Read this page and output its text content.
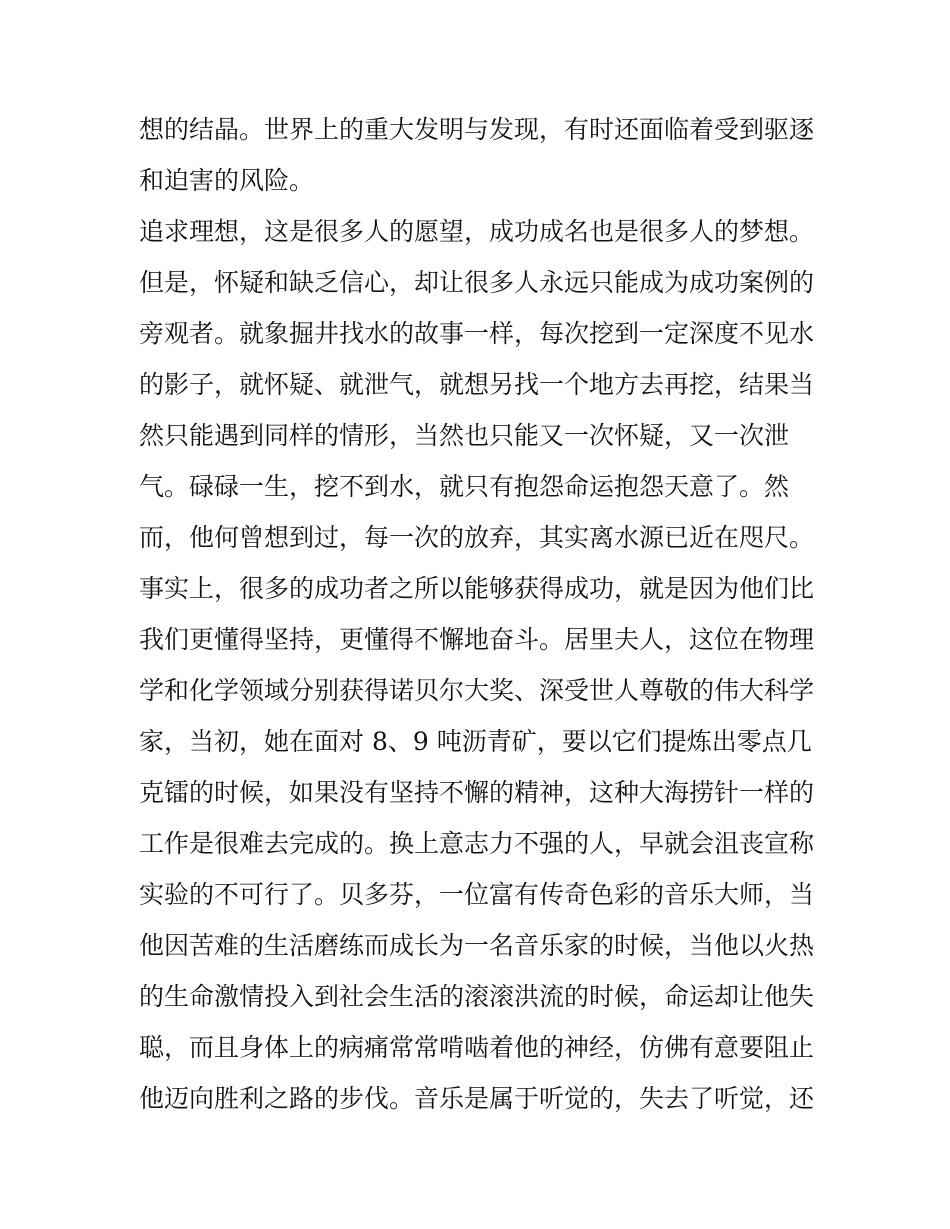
想的结晶。世界上的重大发明与发现，有时还面临着受到驱逐
和迫害的风险。
追求理想，这是很多人的愿望，成功成名也是很多人的梦想。
但是，怀疑和缺乏信心，却让很多人永远只能成为成功案例的
旁观者。就象掘井找水的故事一样，每次挖到一定深度不见水
的影子，就怀疑、就泄气，就想另找一个地方去再挖，结果当
然只能遇到同样的情形，当然也只能又一次怀疑，又一次泄
气。碌碌一生，挖不到水，就只有抱怨命运抱怨天意了。然
而，他何曾想到过，每一次的放弃，其实离水源已近在咫尺。
事实上，很多的成功者之所以能够获得成功，就是因为他们比
我们更懂得坚持，更懂得不懈地奋斗。居里夫人，这位在物理
学和化学领域分别获得诺贝尔大奖、深受世人尊敬的伟大科学
家，当初，她在面对 8、9 吨沥青矿，要以它们提炼出零点几
克镭的时候，如果没有坚持不懈的精神，这种大海捞针一样的
工作是很难去完成的。换上意志力不强的人，早就会沮丧宣称
实验的不可行了。贝多芬，一位富有传奇色彩的音乐大师，当
他因苦难的生活磨练而成长为一名音乐家的时候，当他以火热
的生命激情投入到社会生活的滚滚洪流的时候，命运却让他失
聪，而且身体上的病痛常常啃啮着他的神经，仿佛有意要阻止
他迈向胜利之路的步伐。音乐是属于听觉的，失去了听觉，还
